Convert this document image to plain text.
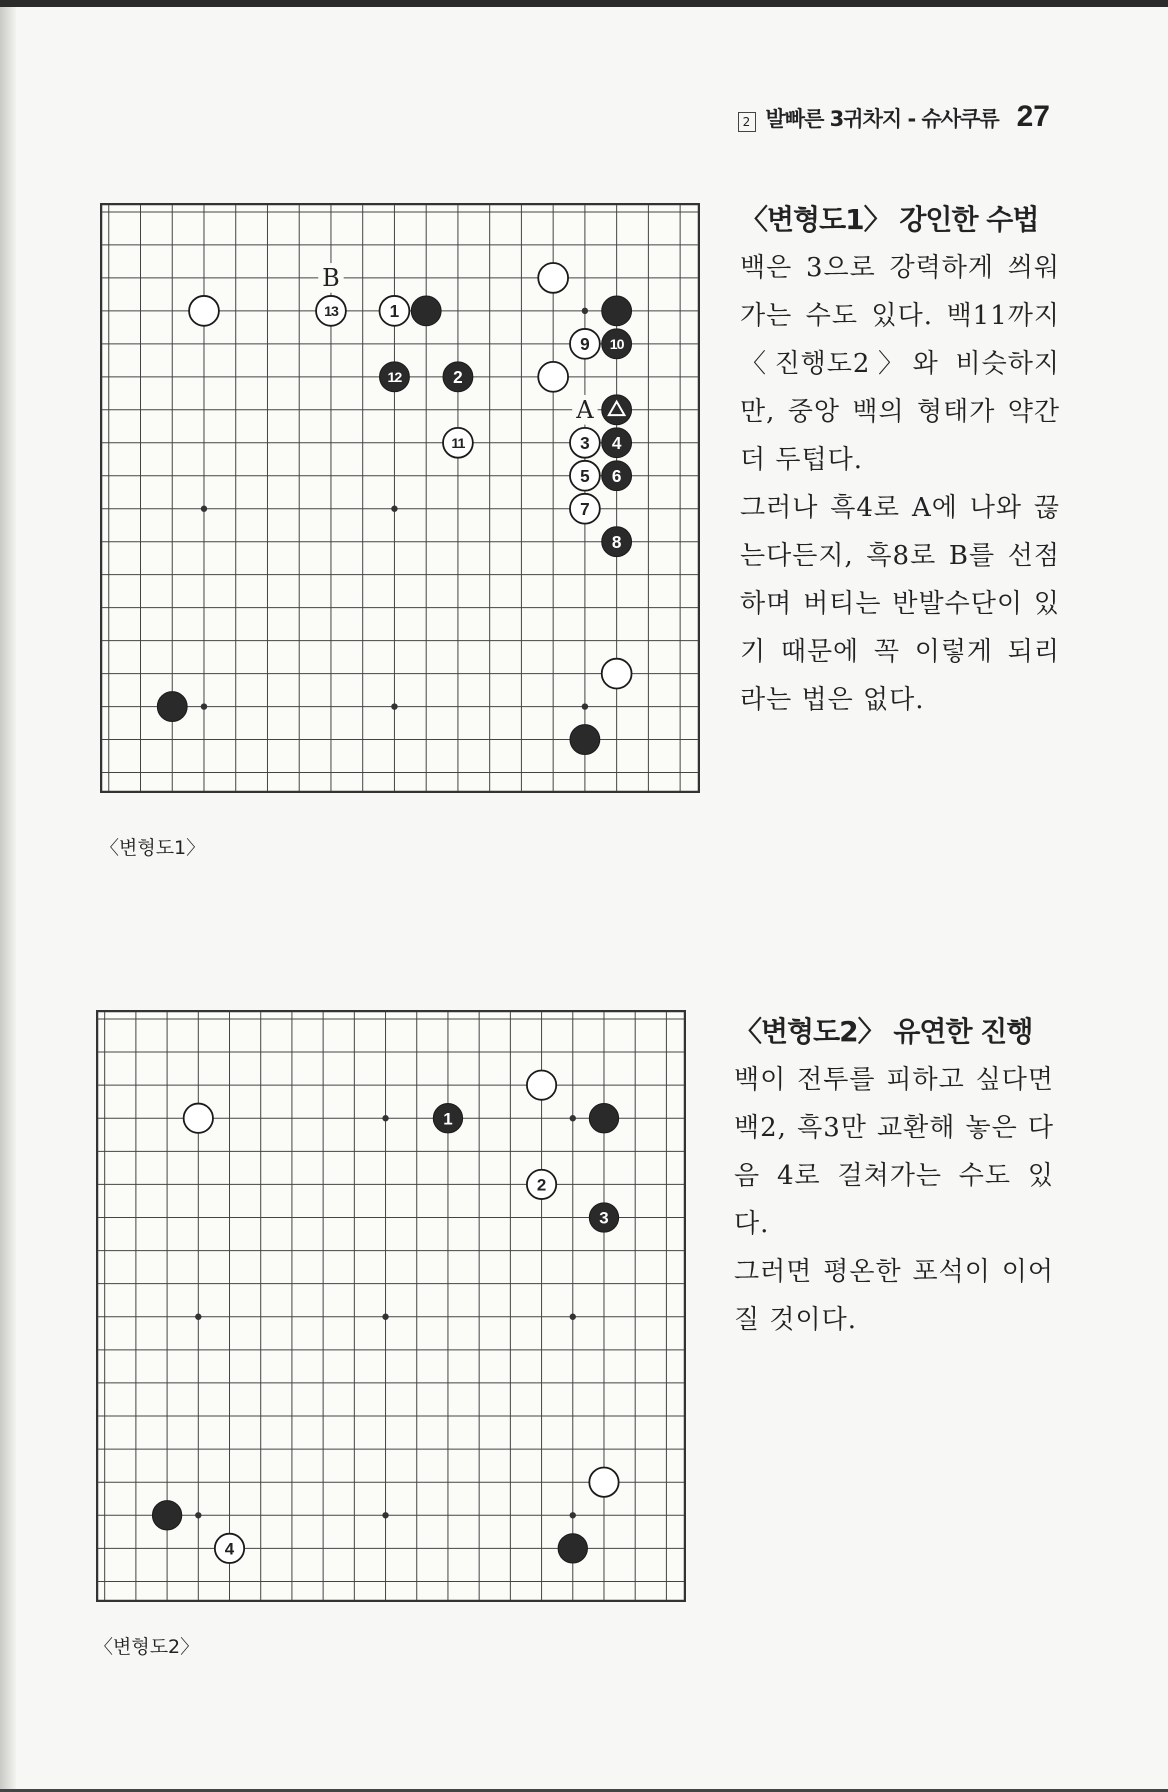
2 발빠른 3귀차지 - 슈사쿠류 27
B
A
1
2
3 4
5 6
7
8
9 10
11
12
13
〈변형도1〉
1
2
3
4
〈변형도2〉
〈변형도1〉 강인한 수법

백은 3으로 강력하게 씌워가는 수도 있다. 백11까지 〈진행도2〉와 비슷하지만, 중앙 백의 형태가 약간 더 두텁다.

그러나 흑4로 A에 나와 끊는다든지, 흑8로 B를 선점하며 버티는 반발수단이 있기 때문에 꼭 이렇게 되리라는 법은 없다.

〈변형도2〉 유연한 진행

백이 전투를 피하고 싶다면 백2, 흑3만 교환해 놓은 다음 4로 걸쳐가는 수도 있다.

그러면 평온한 포석이 이어질 것이다.
